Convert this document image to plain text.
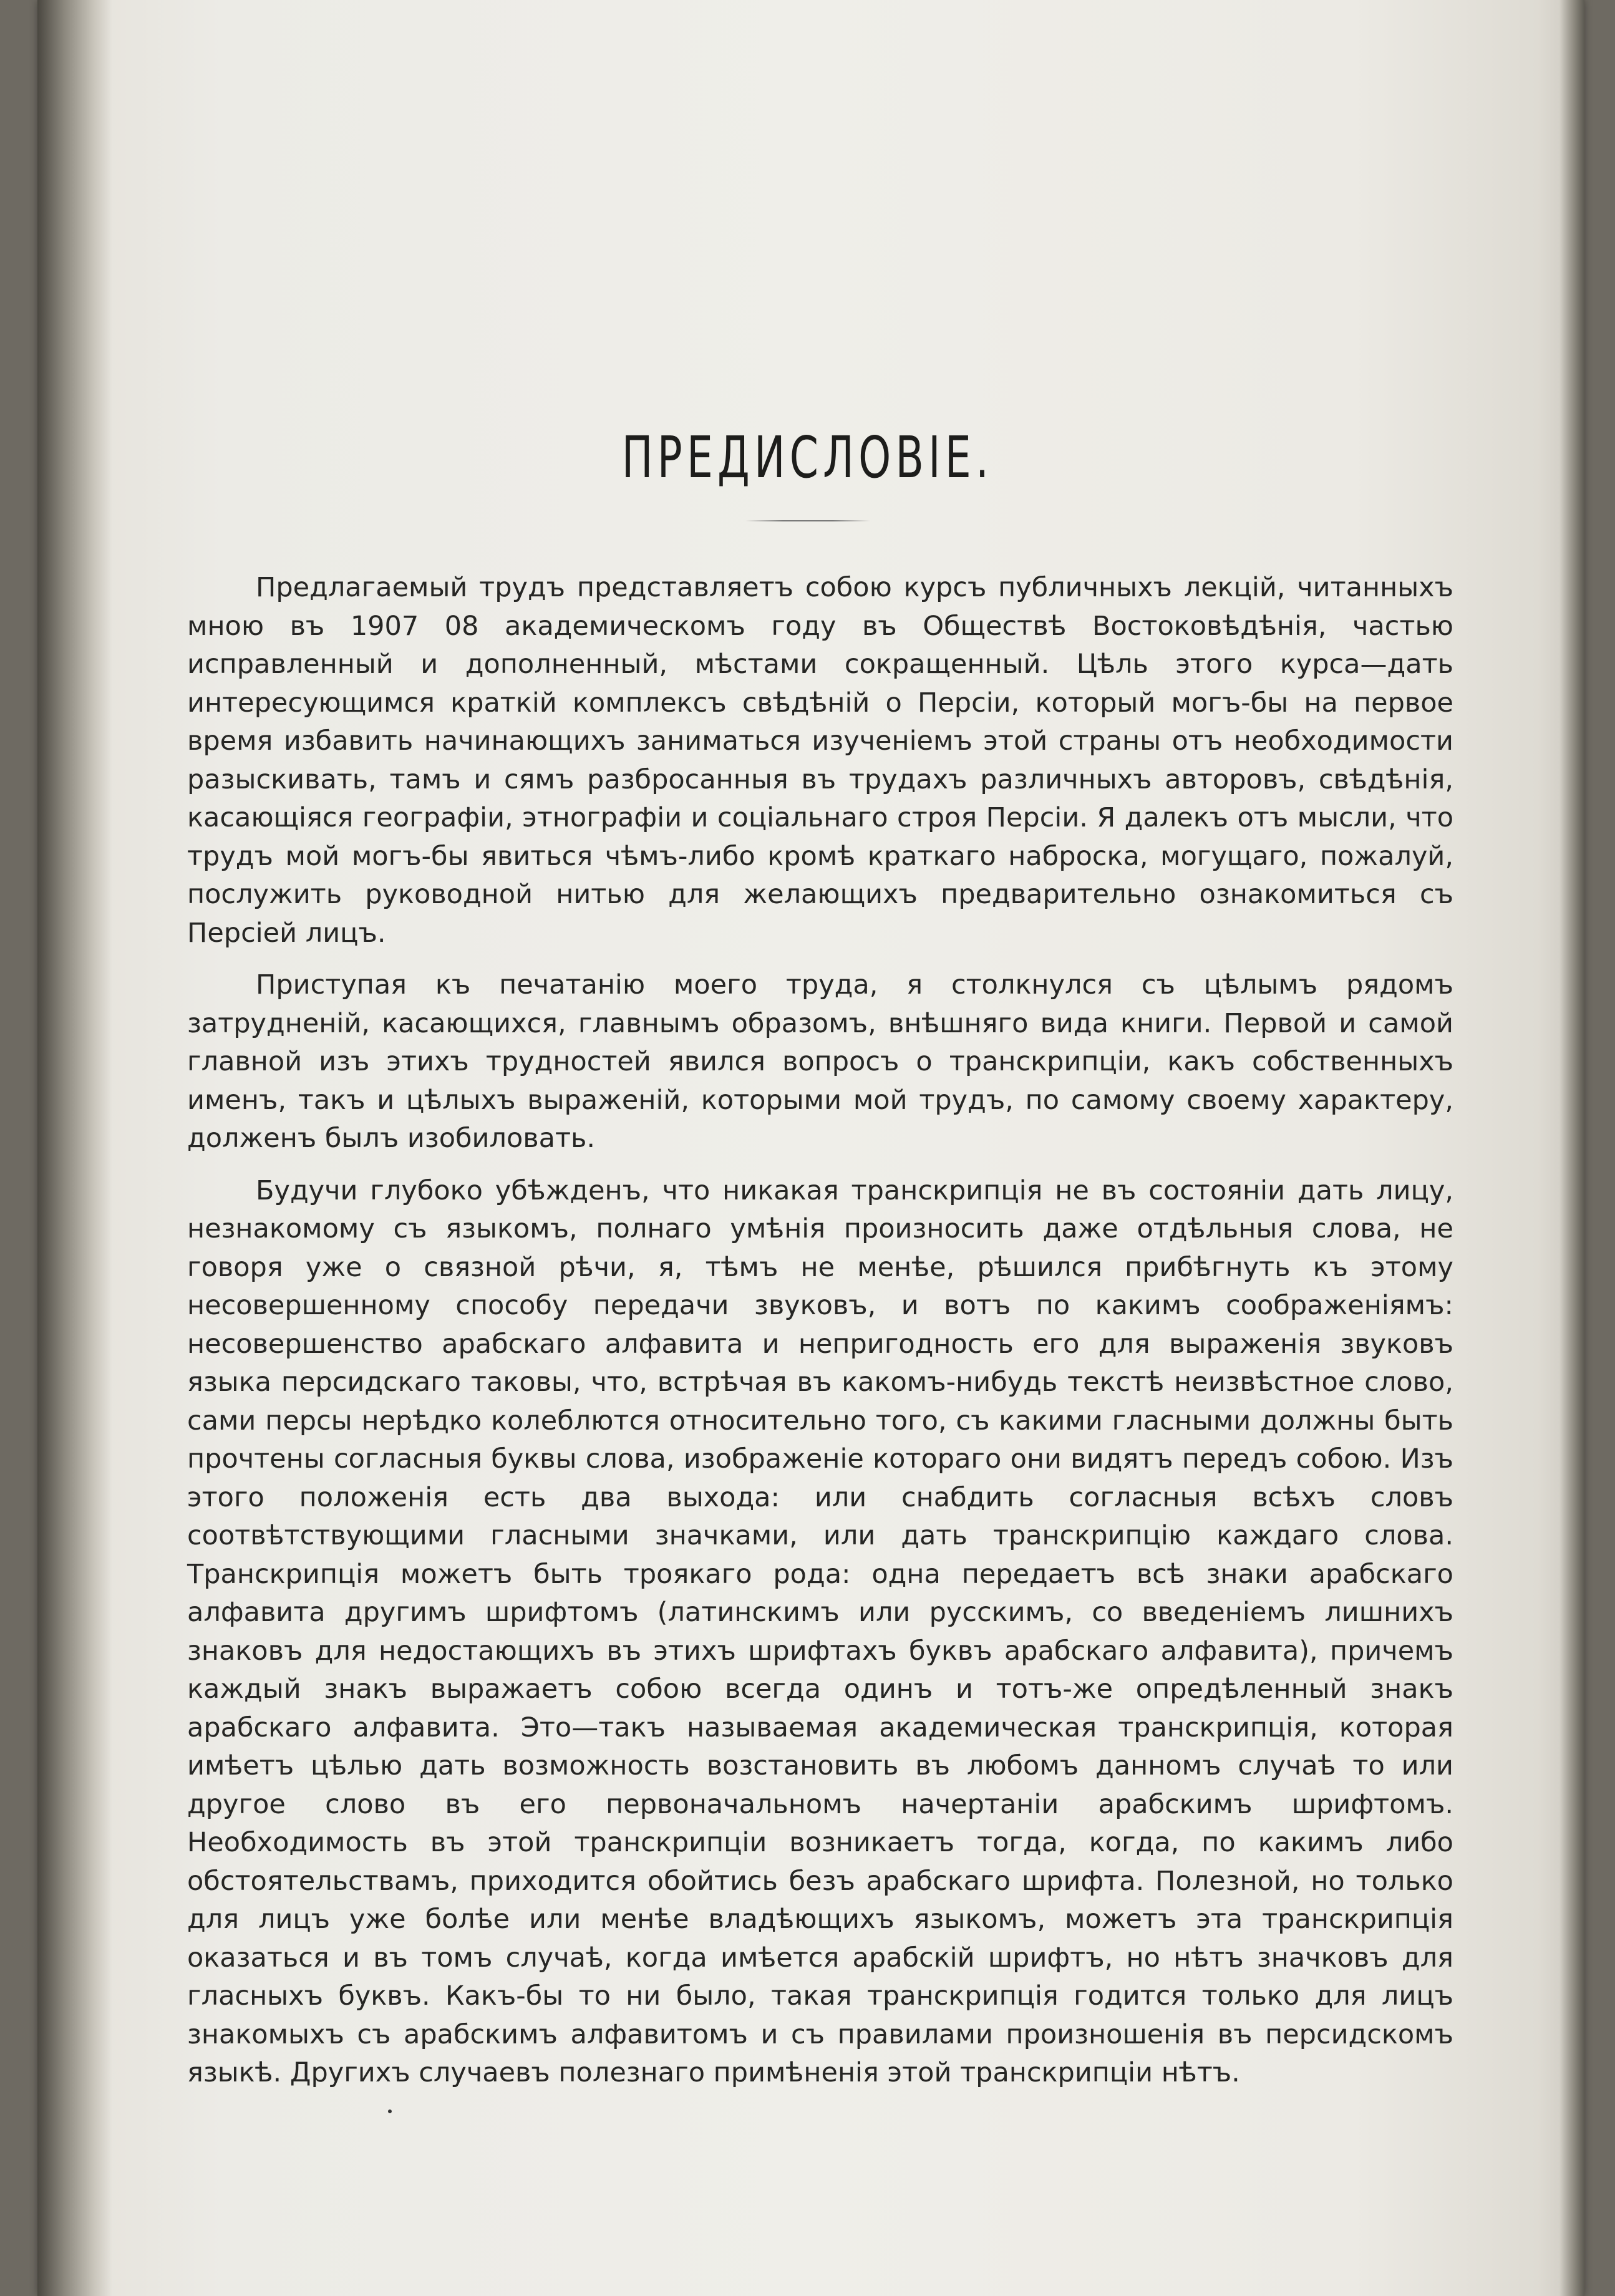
ПРЕДИСЛОВІЕ.

Предлагаемый трудъ представляетъ собою курсъ публичныхъ лекцій, читанныхъ мною въ 1907 08 академическомъ году въ Обществѣ Востоковѣдѣнія, частью исправленный и дополненный, мѣстами сокращенный. Цѣль этого курса—дать интересующимся краткій комплексъ свѣдѣній о Персіи, который могъ-бы на первое время избавить начинающихъ заниматься изученіемъ этой страны отъ необходимости разыскивать, тамъ и сямъ разбросанныя въ трудахъ различныхъ авторовъ, свѣдѣнія, касающіяся географіи, этнографіи и соціальнаго строя Персіи. Я далекъ отъ мысли, что трудъ мой могъ-бы явиться чѣмъ-либо кромѣ краткаго наброска, могущаго, пожалуй, послужить руководной нитью для желающихъ предварительно ознакомиться съ Персіей лицъ.

Приступая къ печатанію моего труда, я столкнулся съ цѣлымъ рядомъ затрудненій, касающихся, главнымъ образомъ, внѣшняго вида книги. Первой и самой главной изъ этихъ трудностей явился вопросъ о транскрипціи, какъ собственныхъ именъ, такъ и цѣлыхъ выраженій, которыми мой трудъ, по самому своему характеру, долженъ былъ изобиловать.

Будучи глубоко убѣжденъ, что никакая транскрипція не въ состояніи дать лицу, незнакомому съ языкомъ, полнаго умѣнія произносить даже отдѣльныя слова, не говоря уже о связной рѣчи, я, тѣмъ не менѣе, рѣшился прибѣгнуть къ этому несовершенному способу передачи звуковъ, и вотъ по какимъ соображеніямъ: несовершенство арабскаго алфавита и непригодность его для выраженія звуковъ языка персидскаго таковы, что, встрѣчая въ какомъ-нибудь текстѣ неизвѣстное слово, сами персы нерѣдко колеблются относительно того, съ какими гласными должны быть прочтены согласныя буквы слова, изображеніе котораго они видятъ передъ собою. Изъ этого положенія есть два выхода: или снабдить согласныя всѣхъ словъ соотвѣтствующими гласными значками, или дать транскрипцію каждаго слова. Транскрипція можетъ быть троякаго рода: одна передаетъ всѣ знаки арабскаго алфавита другимъ шрифтомъ (латинскимъ или русскимъ, со введеніемъ лишнихъ знаковъ для недостающихъ въ этихъ шрифтахъ буквъ арабскаго алфавита), причемъ каждый знакъ выражаетъ собою всегда одинъ и тотъ-же опредѣленный знакъ арабскаго алфавита. Это—такъ называемая академическая транскрипція, которая имѣетъ цѣлью дать возможность возстановить въ любомъ данномъ случаѣ то или другое слово въ его первоначальномъ начертаніи арабскимъ шрифтомъ. Необходимость въ этой транскрипціи возникаетъ тогда, когда, по какимъ либо обстоятельствамъ, приходится обойтись безъ арабскаго шрифта. Полезной, но только для лицъ уже болѣе или менѣе владѣющихъ языкомъ, можетъ эта транскрипція оказаться и въ томъ случаѣ, когда имѣется арабскій шрифтъ, но нѣтъ значковъ для гласныхъ буквъ. Какъ-бы то ни было, такая транскрипція годится только для лицъ знакомыхъ съ арабскимъ алфавитомъ и съ правилами произношенія въ персидскомъ языкѣ. Другихъ случаевъ полезнаго примѣненія этой транскрипціи нѣтъ.
